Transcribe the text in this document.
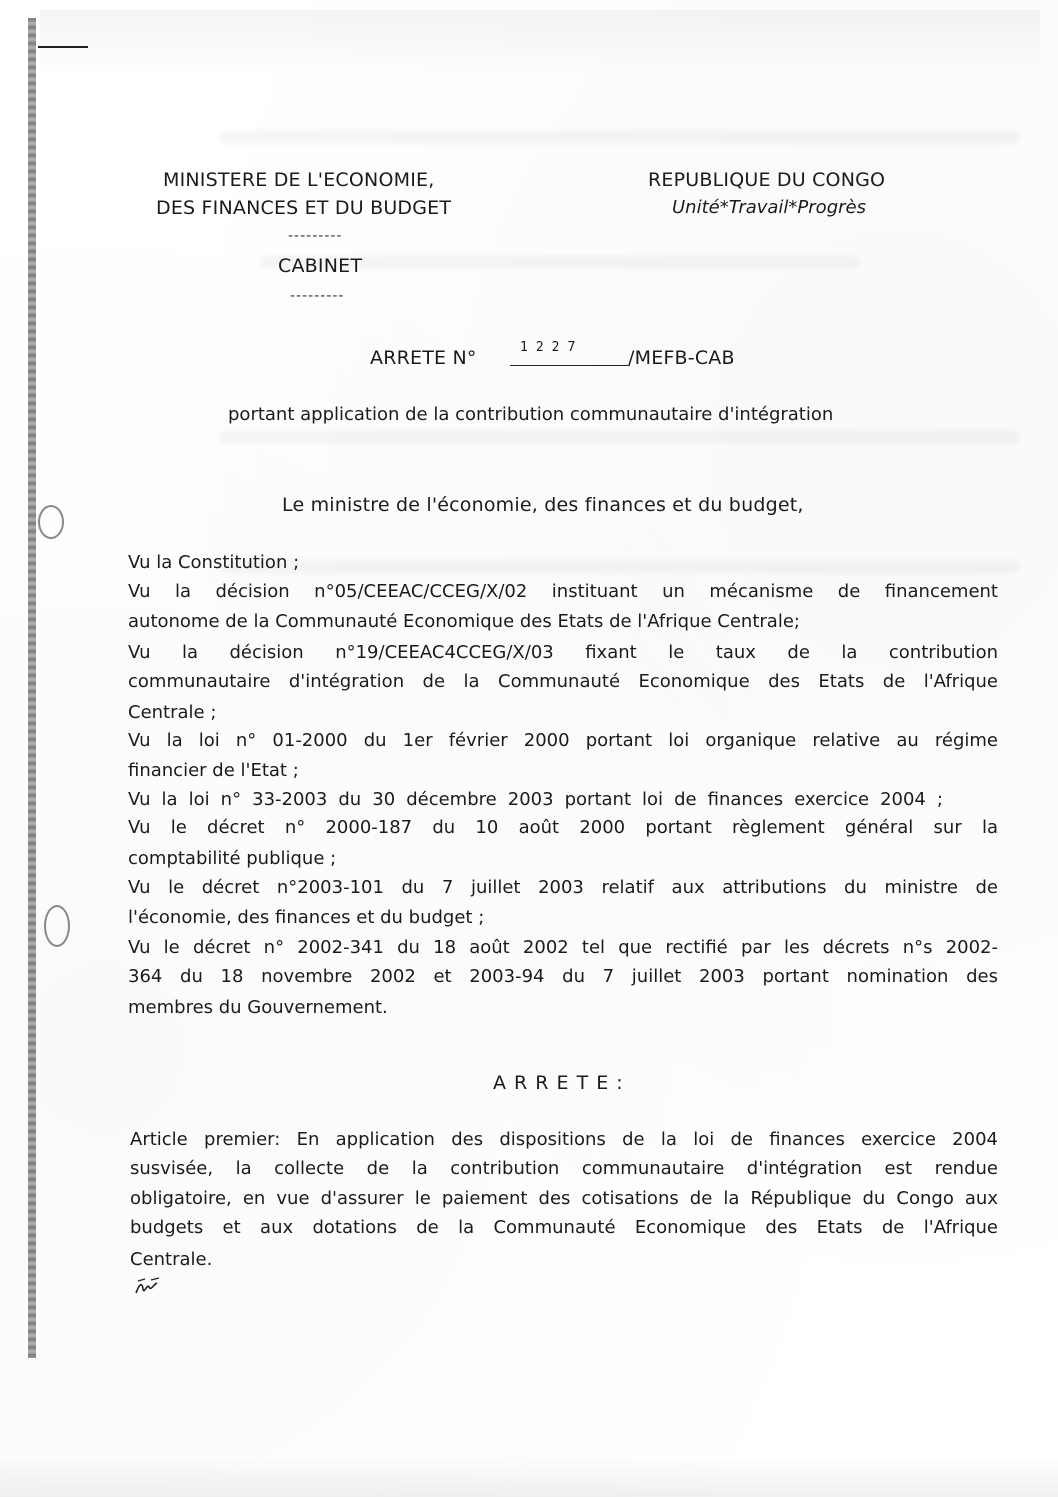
MINISTERE DE L'ECONOMIE,
DES FINANCES ET DU BUDGET
---------
CABINET
---------
REPUBLIQUE DU CONGO
Unité*Travail*Progrès
ARRETE N°	1227 /MEFB-CAB
portant application de la contribution communautaire d'intégration
Le ministre de l'économie, des finances et du budget,
Vu la Constitution ;
Vu la décision n°05/CEEAC/CCEG/X/02 instituant un mécanisme de financement
autonome de la Communauté Economique des Etats de l'Afrique Centrale;
Vu la décision n°19/CEEAC4CCEG/X/03 fixant le taux de la contribution
communautaire d'intégration de la Communauté Economique des Etats de l'Afrique
Centrale ;
Vu la loi n° 01-2000 du 1er février 2000 portant loi organique relative au régime
financier de l'Etat ;
Vu la loi n° 33-2003 du 30 décembre 2003 portant loi de finances exercice 2004 ;
Vu le décret n° 2000-187 du 10 août 2000 portant règlement général sur la
comptabilité publique ;
Vu le décret n°2003-101 du 7 juillet 2003 relatif aux attributions du ministre de
l'économie, des finances et du budget ;
Vu le décret n° 2002-341 du 18 août 2002 tel que rectifié par les décrets n°s 2002-
364 du 18 novembre 2002 et 2003-94 du 7 juillet 2003 portant nomination des
membres du Gouvernement.
A R R E T E :
Article premier: En application des dispositions de la loi de finances exercice 2004
susvisée, la collecte de la contribution communautaire d'intégration est rendue
obligatoire, en vue d'assurer le paiement des cotisations de la République du Congo aux
budgets et aux dotations de la Communauté Economique des Etats de l'Afrique
Centrale.
